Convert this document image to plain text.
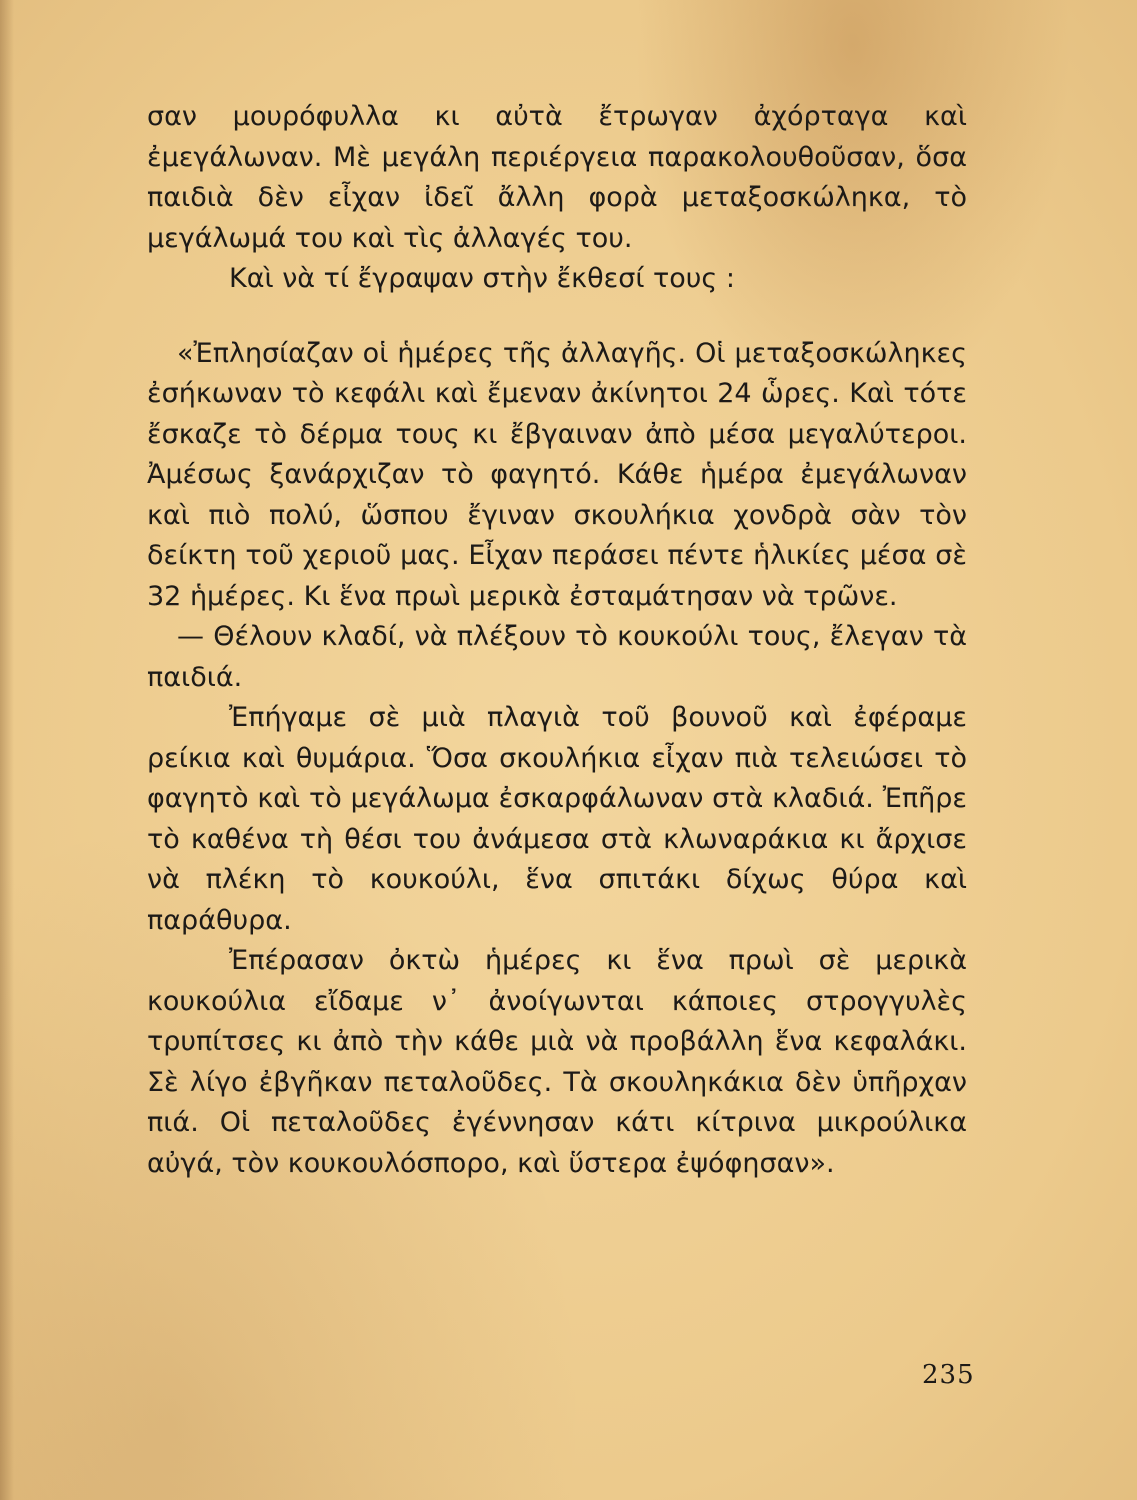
σαν μουρόφυλλα κι αὐτὰ ἔτρωγαν ἀχόρταγα καὶ ἐμεγάλωναν. Μὲ μεγάλη περιέργεια παρακολουθοῦσαν, ὅσα παιδιὰ δὲν εἶχαν ἰδεῖ ἄλλη φορὰ μεταξοσκώληκα, τὸ μεγάλωμά του καὶ τὶς ἀλλαγές του.

Καὶ νὰ τί ἔγραψαν στὴν ἔκθεσί τους :

«Ἐπλησίαζαν οἱ ἡμέρες τῆς ἀλλαγῆς. Οἱ μεταξοσκώληκες ἐσήκωναν τὸ κεφάλι καὶ ἔμεναν ἀκίνητοι 24 ὧρες. Καὶ τότε ἔσκαζε τὸ δέρμα τους κι ἔβγαιναν ἀπὸ μέσα μεγαλύτεροι. Ἀμέσως ξανάρχιζαν τὸ φαγητό. Κάθε ἡμέρα ἐμεγάλωναν καὶ πιὸ πολύ, ὥσπου ἔγιναν σκουλήκια χονδρὰ σὰν τὸν δείκτη τοῦ χεριοῦ μας. Εἶχαν περάσει πέντε ἡλικίες μέσα σὲ 32 ἡμέρες. Κι ἕνα πρωὶ μερικὰ ἐσταμάτησαν νὰ τρῶνε.

— Θέλουν κλαδί, νὰ πλέξουν τὸ κουκούλι τους, ἔλεγαν τὰ παιδιά.

Ἐπήγαμε σὲ μιὰ πλαγιὰ τοῦ βουνοῦ καὶ ἐφέραμε ρείκια καὶ θυμάρια. Ὅσα σκουλήκια εἶχαν πιὰ τελειώσει τὸ φαγητὸ καὶ τὸ μεγάλωμα ἐσκαρφάλωναν στὰ κλαδιά. Ἐπῆρε τὸ καθένα τὴ θέσι του ἀνάμεσα στὰ κλωναράκια κι ἄρχισε νὰ πλέκη τὸ κουκούλι, ἕνα σπιτάκι δίχως θύρα καὶ παράθυρα.

Ἐπέρασαν ὀκτὼ ἡμέρες κι ἕνα πρωὶ σὲ μερικὰ κουκούλια εἴδαμε ν᾽ ἀνοίγωνται κάποιες στρογγυλὲς τρυπίτσες κι ἀπὸ τὴν κάθε μιὰ νὰ προβάλλη ἕνα κεφαλάκι. Σὲ λίγο ἐβγῆκαν πεταλοῦδες. Τὰ σκουληκάκια δὲν ὑπῆρχαν πιά. Οἱ πεταλοῦδες ἐγέννησαν κάτι κίτρινα μικρούλικα αὐγά, τὸν κουκουλόσπορο, καὶ ὕστερα ἐψόφησαν».

235
